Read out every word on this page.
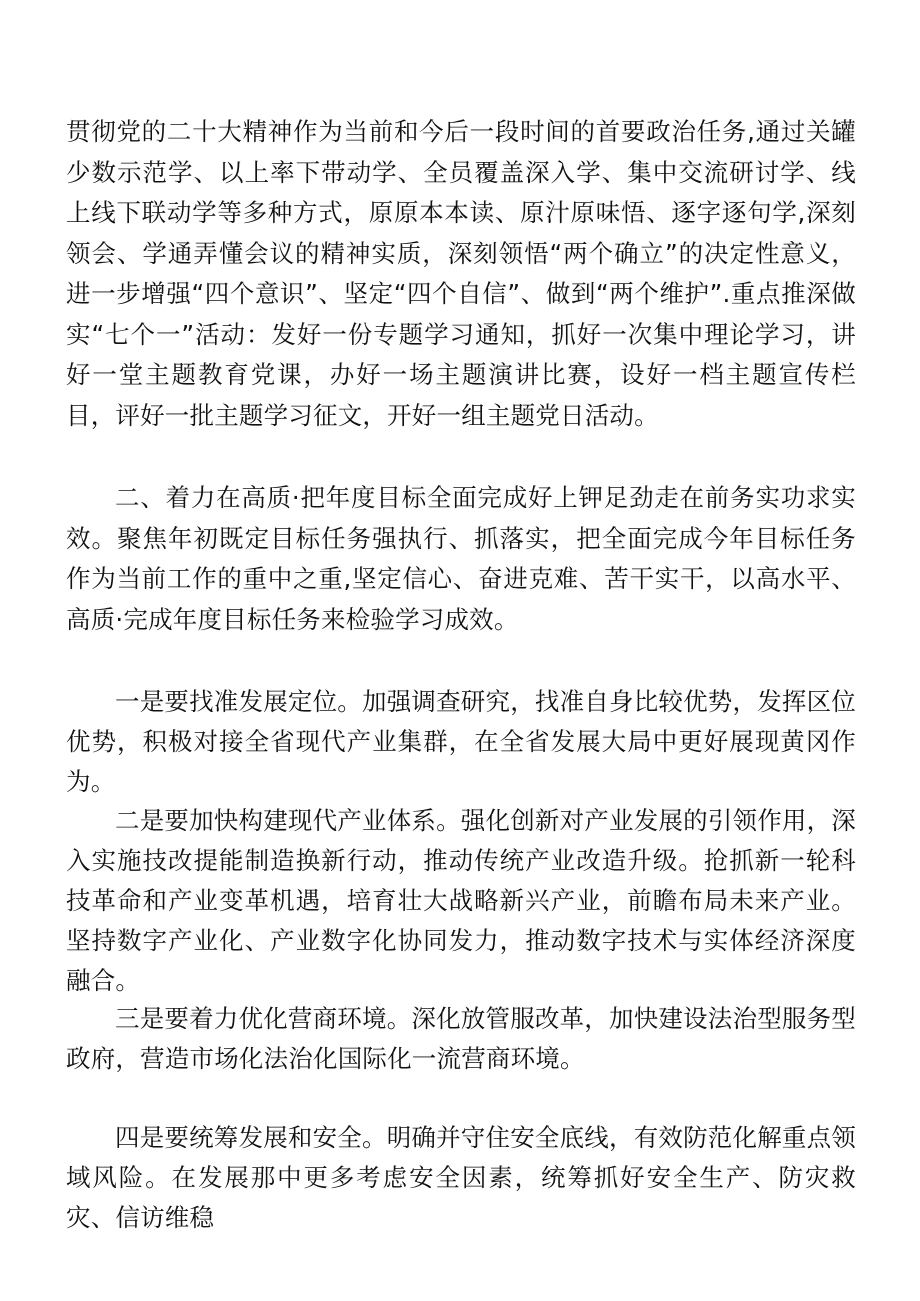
贯彻党的二十大精神作为当前和今后一段时间的首要政治任务,通过关罐少数示范学、以上率下带动学、全员覆盖深入学、集中交流研讨学、线上线下联动学等多种方式，原原本本读、原汁原味悟、逐字逐句学,深刻领会、学通弄懂会议的精神实质，深刻领悟“两个确立”的决定性意义，进一步增强“四个意识”、坚定“四个自信”、做到“两个维护”.重点推深做实“七个一”活动：发好一份专题学习通知，抓好一次集中理论学习，讲好一堂主题教育党课，办好一场主题演讲比赛，设好一档主题宣传栏目，评好一批主题学习征文，开好一组主题党日活动。

二、着力在高质·把年度目标全面完成好上钾足劲走在前务实功求实效。聚焦年初既定目标任务强执行、抓落实，把全面完成今年目标任务作为当前工作的重中之重,坚定信心、奋进克难、苦干实干，以高水平、高质·完成年度目标任务来检验学习成效。

一是要找准发展定位。加强调查研究，找准自身比较优势，发挥区位优势，积极对接全省现代产业集群，在全省发展大局中更好展现黄冈作为。

二是要加快构建现代产业体系。强化创新对产业发展的引领作用，深入实施技改提能制造换新行动，推动传统产业改造升级。抢抓新一轮科技革命和产业变革机遇，培育壮大战略新兴产业，前瞻布局未来产业。坚持数字产业化、产业数字化协同发力，推动数字技术与实体经济深度融合。

三是要着力优化营商环境。深化放管服改革，加快建设法治型服务型政府，营造市场化法治化国际化一流营商环境。

四是要统筹发展和安全。明确并守住安全底线，有效防范化解重点领域风险。在发展那中更多考虑安全因素，统筹抓好安全生产、防灾救灾、信访维稳
